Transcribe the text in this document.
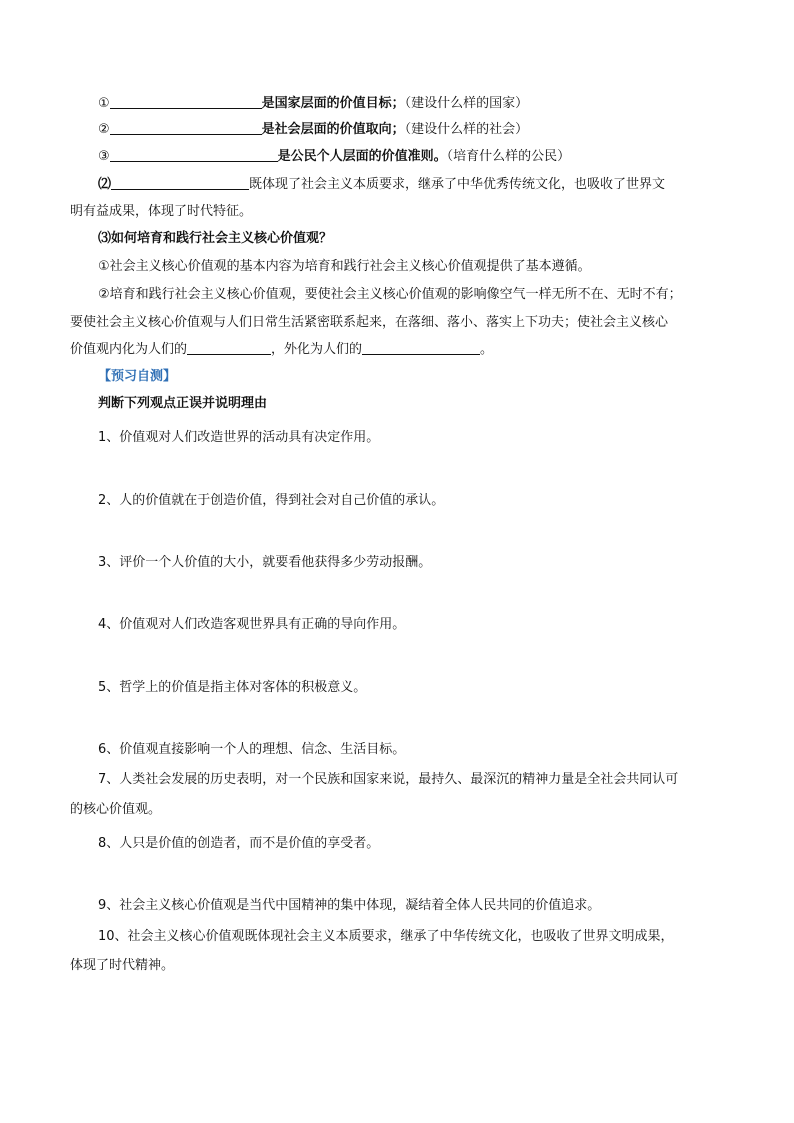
①	是国家层面的价值目标；（建设什么样的国家）
②	是社会层面的价值取向；（建设什么样的社会）
③	是公民个人层面的价值准则。（培育什么样的公民）
⑵	既体现了社会主义本质要求，继承了中华优秀传统文化，也吸收了世界文
明有益成果，体现了时代特征。
⑶如何培育和践行社会主义核心价值观？
①社会主义核心价值观的基本内容为培育和践行社会主义核心价值观提供了基本遵循。
②培育和践行社会主义核心价值观，要使社会主义核心价值观的影响像空气一样无所不在、无时不有；
要使社会主义核心价值观与人们日常生活紧密联系起来，在落细、落小、落实上下功夫；使社会主义核心
价值观内化为人们的	，外化为人们的	。
【预习自测】
判断下列观点正误并说明理由
1、价值观对人们改造世界的活动具有决定作用。
2、人的价值就在于创造价值，得到社会对自己价值的承认。
3、评价一个人价值的大小，就要看他获得多少劳动报酬。
4、价值观对人们改造客观世界具有正确的导向作用。
5、哲学上的价值是指主体对客体的积极意义。
6、价值观直接影响一个人的理想、信念、生活目标。
7、人类社会发展的历史表明，对一个民族和国家来说，最持久、最深沉的精神力量是全社会共同认可
的核心价值观。
8、人只是价值的创造者，而不是价值的享受者。
9、社会主义核心价值观是当代中国精神的集中体现，凝结着全体人民共同的价值追求。
10、社会主义核心价值观既体现社会主义本质要求，继承了中华传统文化，也吸收了世界文明成果，
体现了时代精神。
